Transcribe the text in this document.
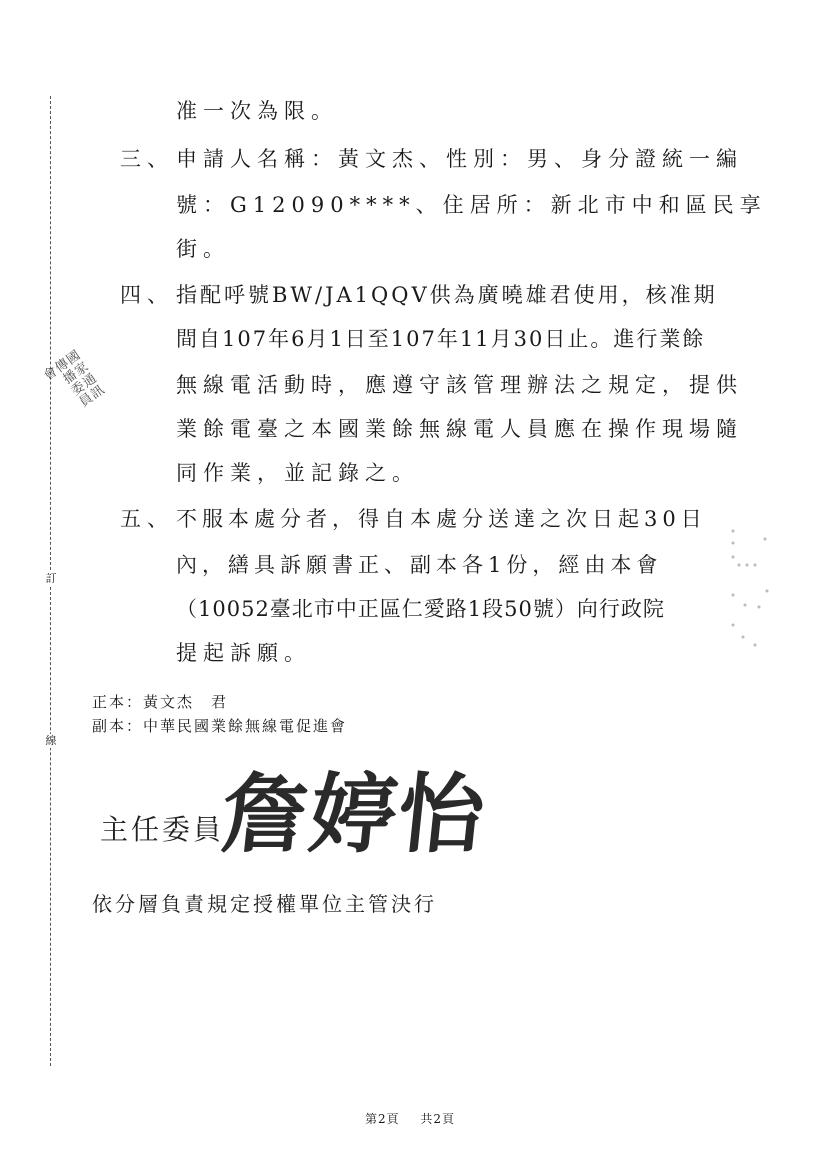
訂
線
國家通訊傳播委員會
准一次為限。
三、 申請人名稱：黃文杰、性別：男、身分證統一編
號：G12090****、住居所：新北市中和區民享
街。
四、 指配呼號BW/JA1QQV供為廣曉雄君使用，核准期
間自107年6月1日至107年11月30日止。進行業餘
無線電活動時，應遵守該管理辦法之規定，提供
業餘電臺之本國業餘無線電人員應在操作現場隨
同作業，並記錄之。
五、 不服本處分者，得自本處分送達之次日起30日
內，繕具訴願書正、副本各1份，經由本會
（10052臺北市中正區仁愛路1段50號）向行政院
提起訴願。
正本：黃文杰　君
副本：中華民國業餘無線電促進會
主任委員
詹婷怡
依分層負責規定授權單位主管決行
第2頁 共2頁
